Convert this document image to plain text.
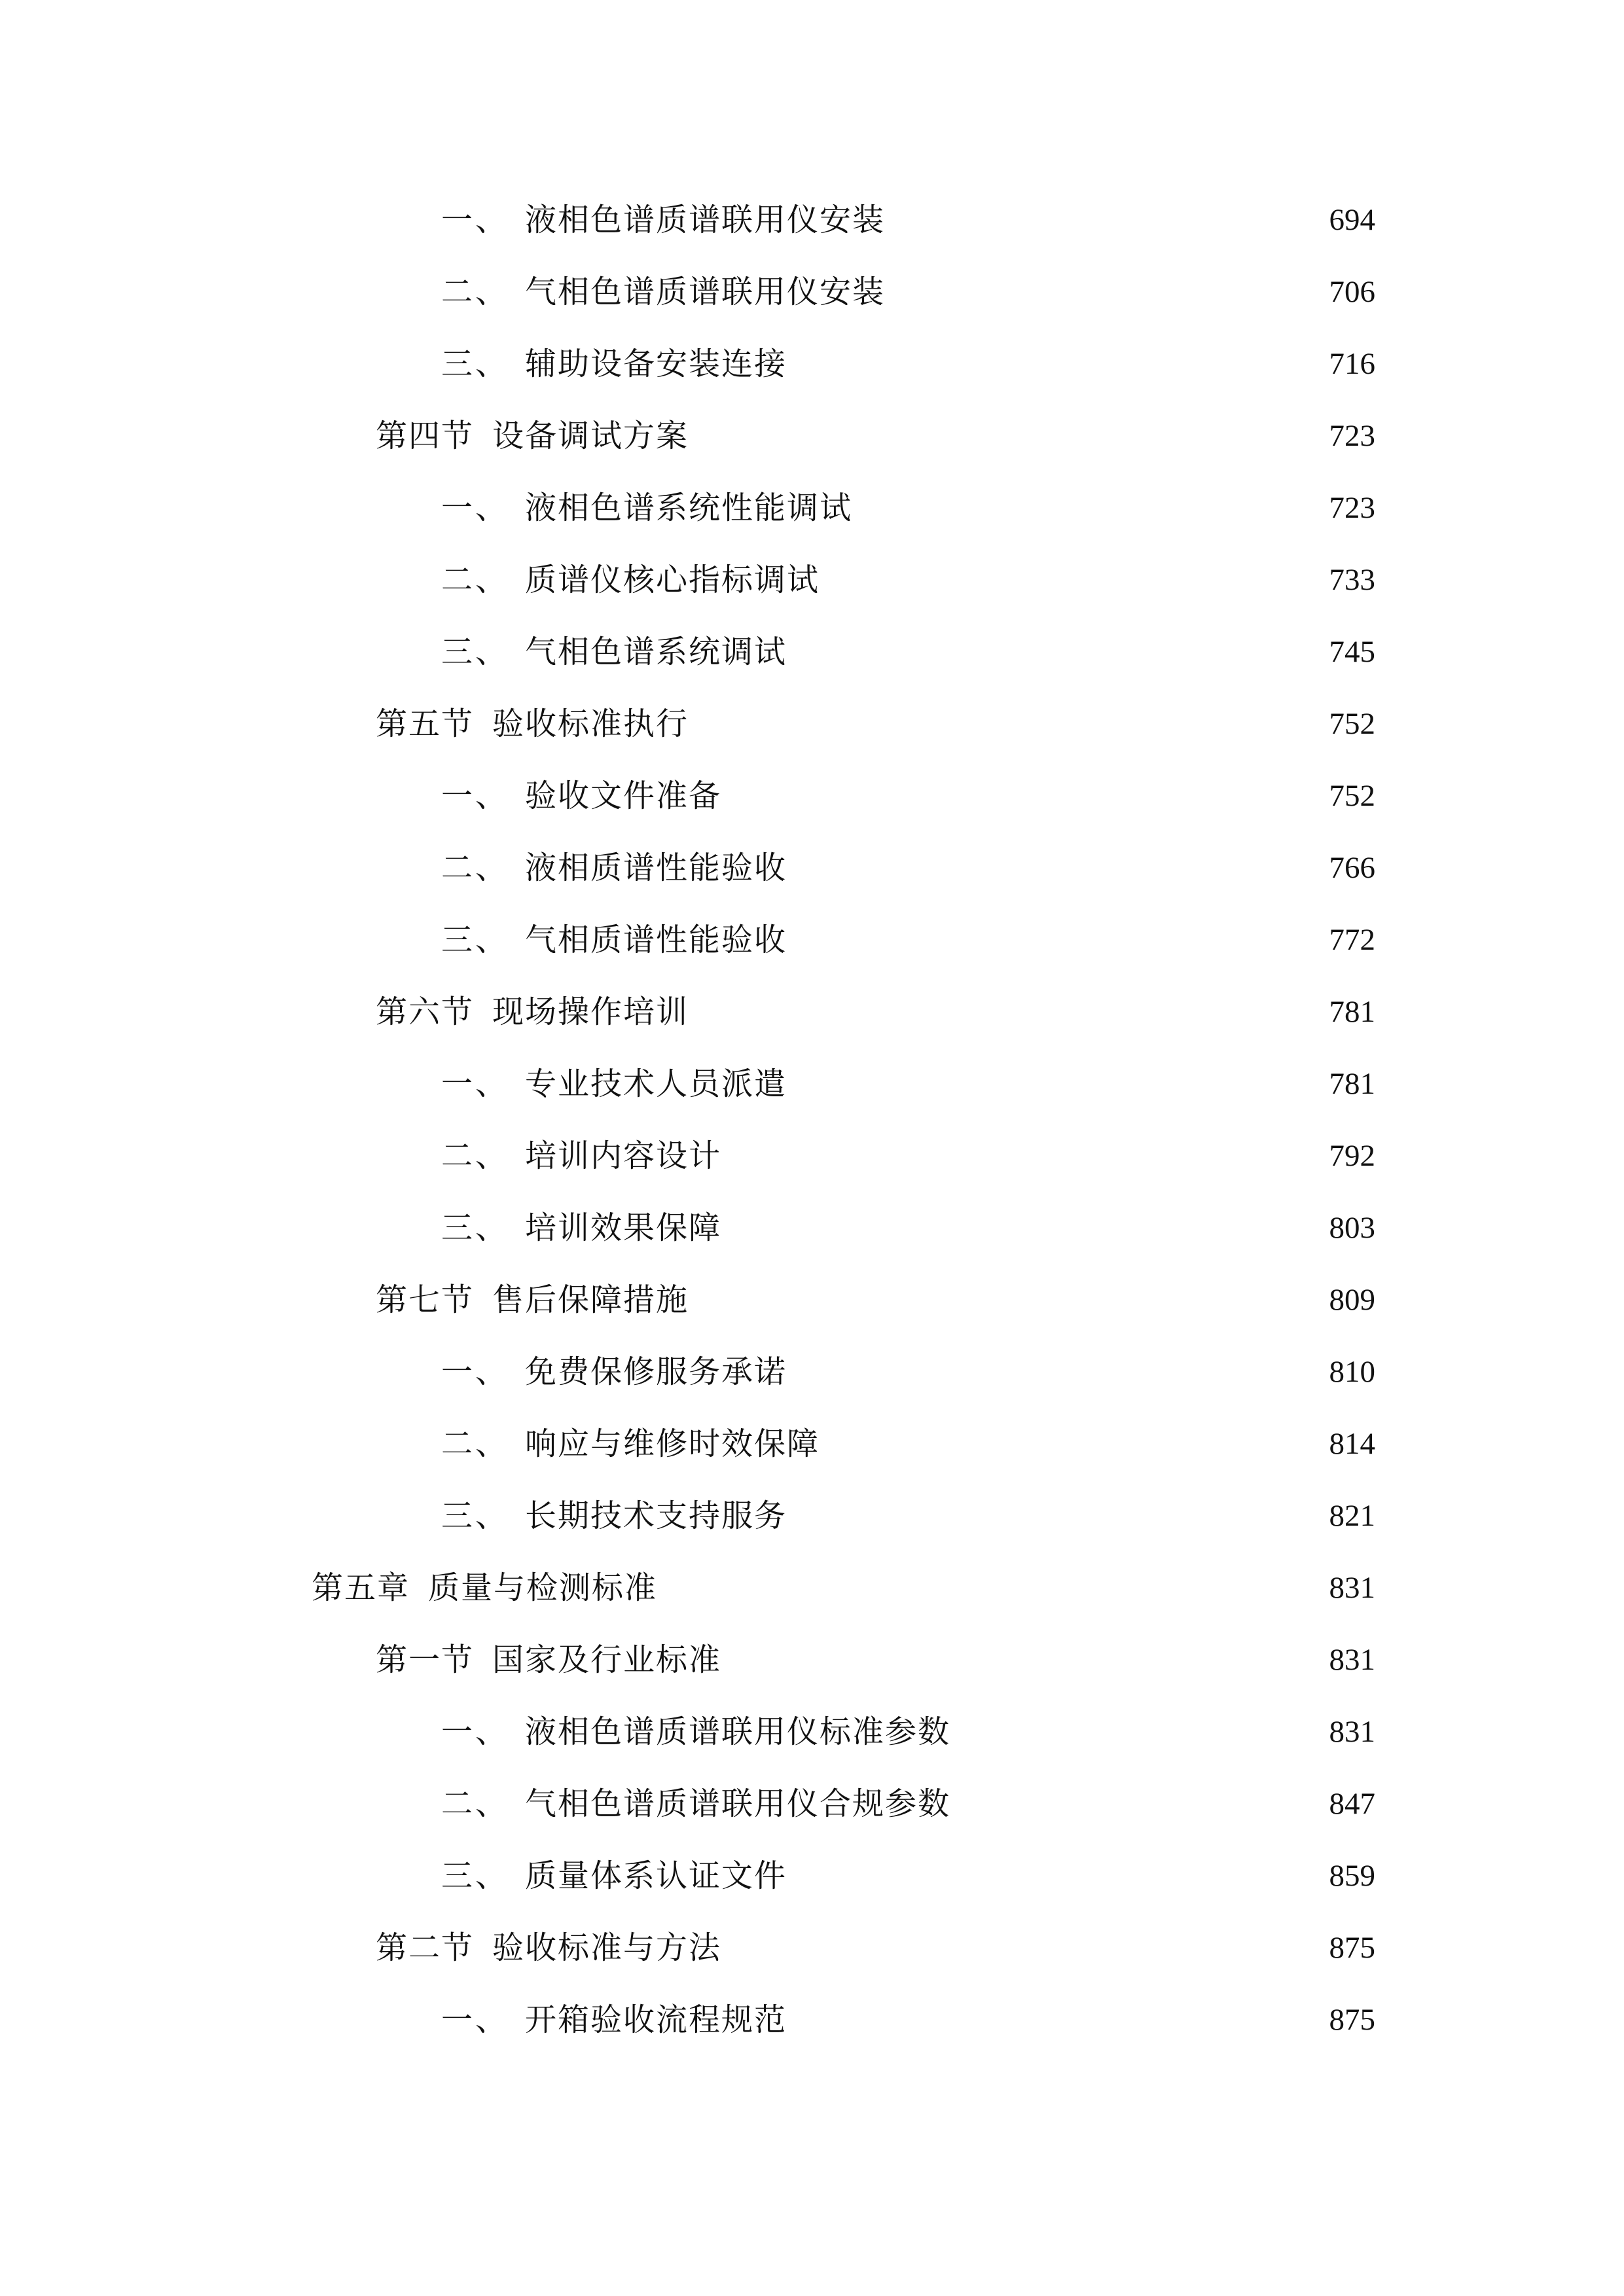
一、 液相色谱质谱联用仪安装	694
二、 气相色谱质谱联用仪安装	706
三、 辅助设备安装连接	716
第四节 设备调试方案	723
一、 液相色谱系统性能调试	723
二、 质谱仪核心指标调试	733
三、 气相色谱系统调试	745
第五节 验收标准执行	752
一、 验收文件准备	752
二、 液相质谱性能验收	766
三、 气相质谱性能验收	772
第六节 现场操作培训	781
一、 专业技术人员派遣	781
二、 培训内容设计	792
三、 培训效果保障	803
第七节 售后保障措施	809
一、 免费保修服务承诺	810
二、 响应与维修时效保障	814
三、 长期技术支持服务	821
第五章 质量与检测标准	831
第一节 国家及行业标准	831
一、 液相色谱质谱联用仪标准参数	831
二、 气相色谱质谱联用仪合规参数	847
三、 质量体系认证文件	859
第二节 验收标准与方法	875
一、 开箱验收流程规范	875
